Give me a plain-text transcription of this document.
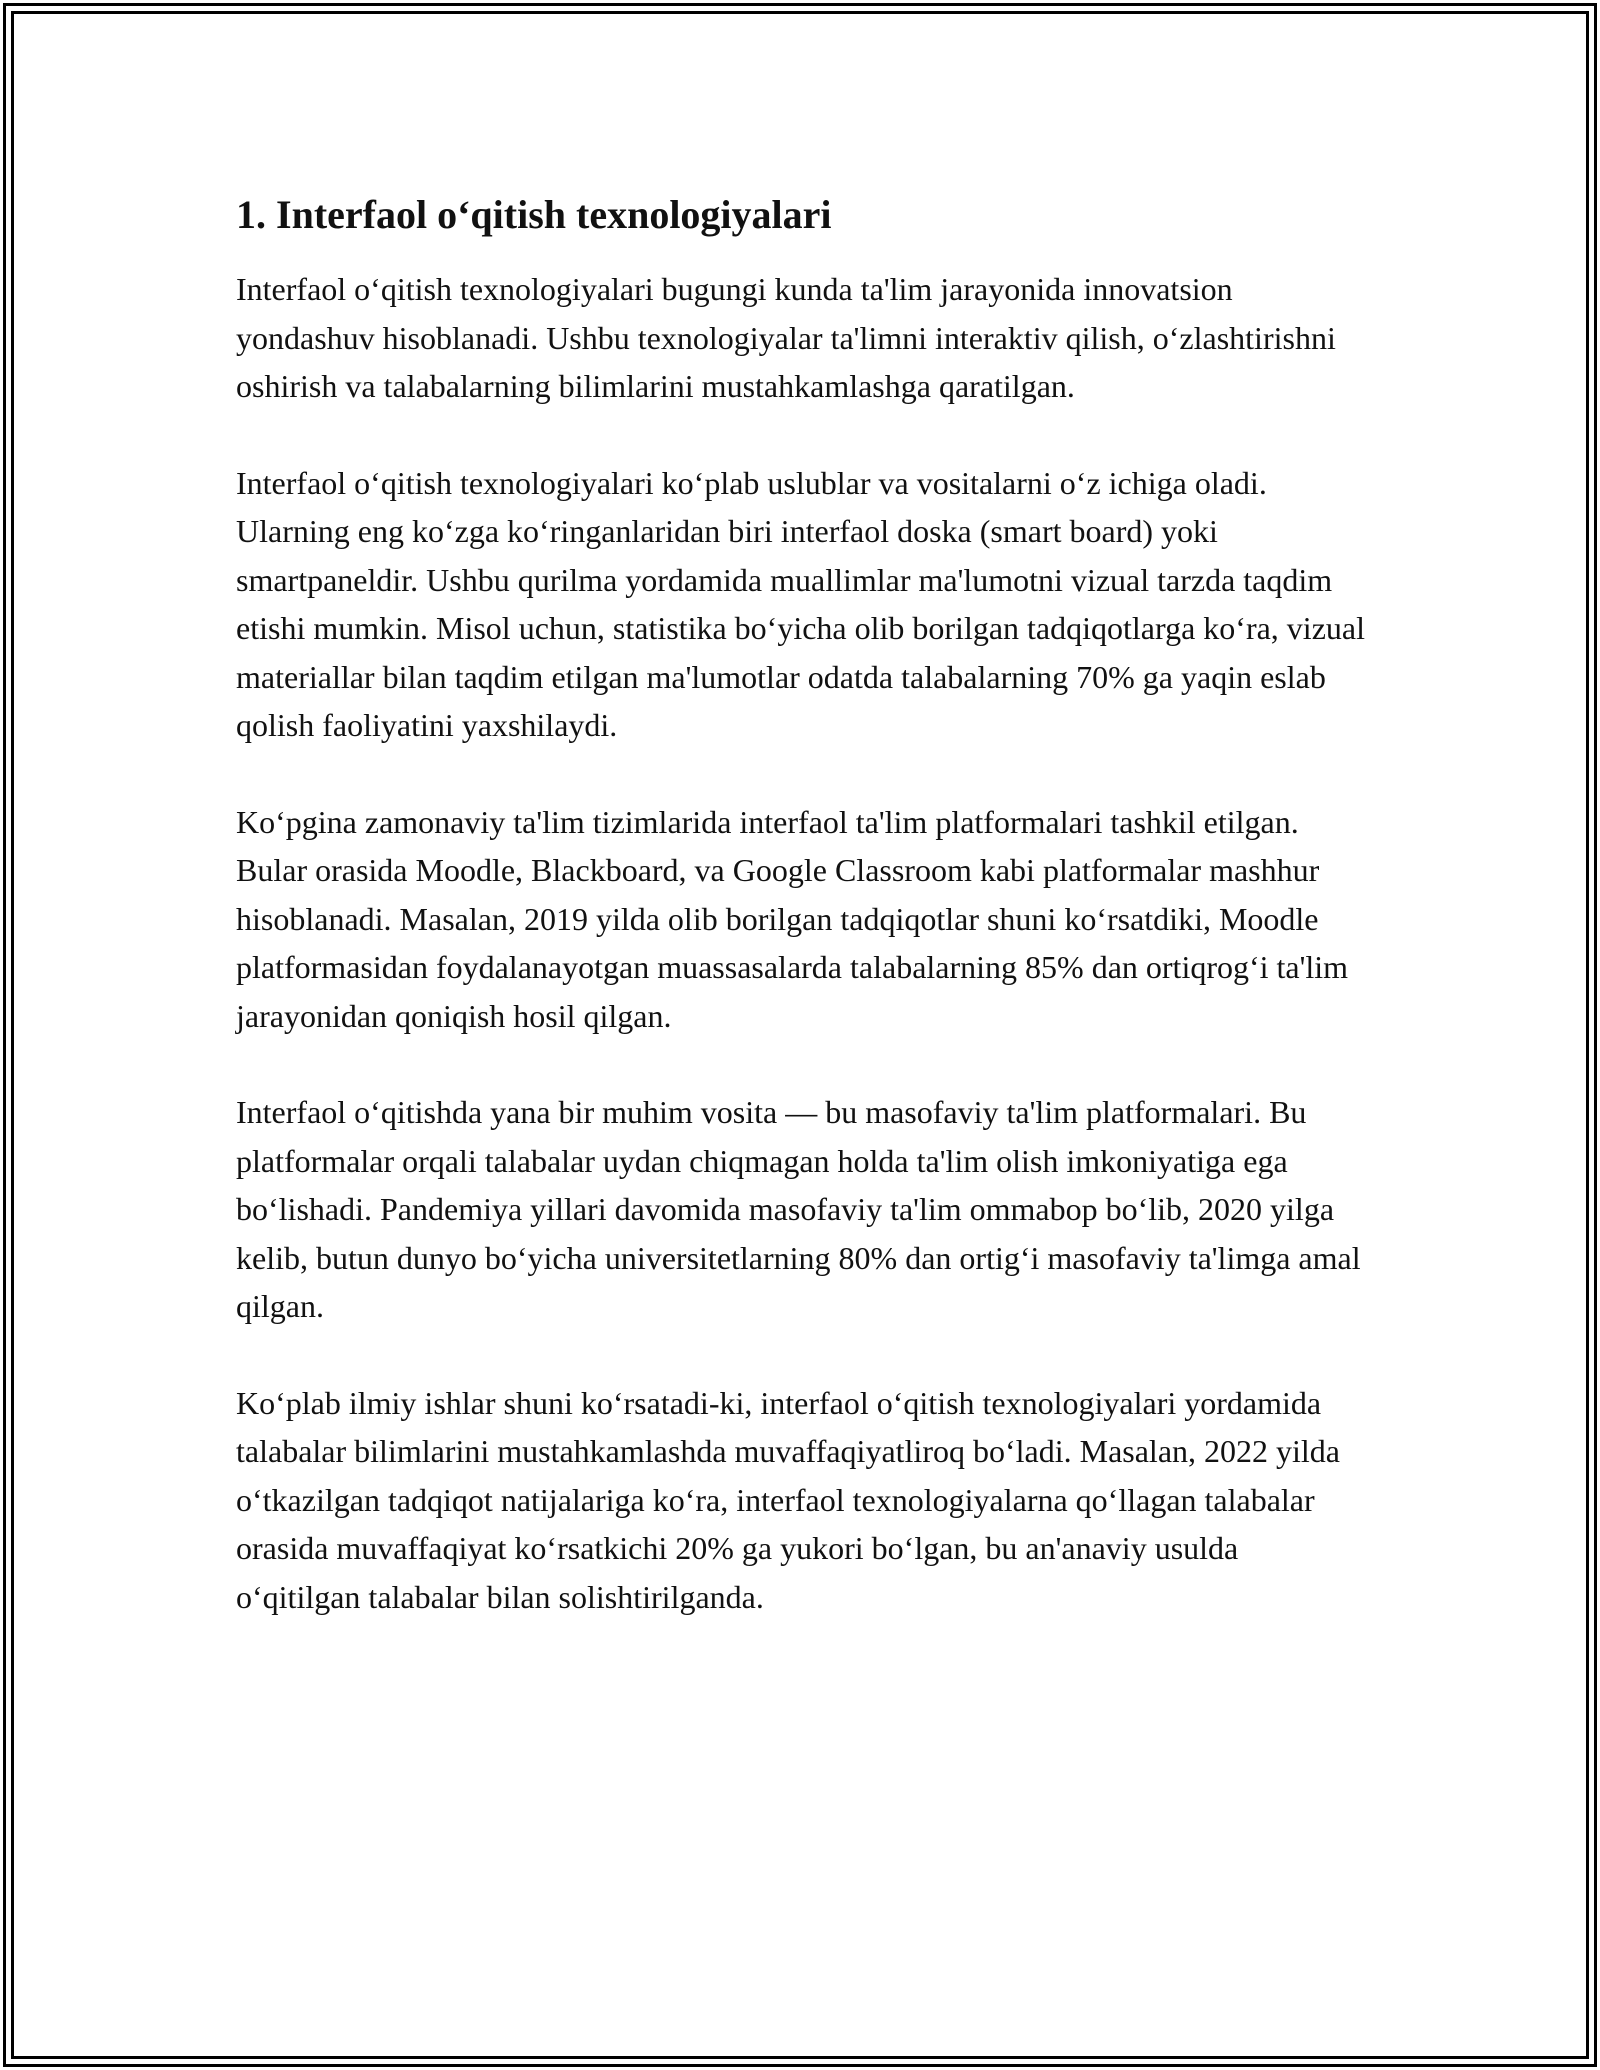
1. Interfaol o‘qitish texnologiyalari

Interfaol o‘qitish texnologiyalari bugungi kunda ta'lim jarayonida innovatsion yondashuv hisoblanadi. Ushbu texnologiyalar ta'limni interaktiv qilish, o‘zlashtirishni oshirish va talabalarning bilimlarini mustahkamlashga qaratilgan.

Interfaol o‘qitish texnologiyalari ko‘plab uslublar va vositalarni o‘z ichiga oladi. Ularning eng ko‘zga ko‘ringanlaridan biri interfaol doska (smart board) yoki smartpaneldir. Ushbu qurilma yordamida muallimlar ma'lumotni vizual tarzda taqdim etishi mumkin. Misol uchun, statistika bo‘yicha olib borilgan tadqiqotlarga ko‘ra, vizual materiallar bilan taqdim etilgan ma'lumotlar odatda talabalarning 70% ga yaqin eslab qolish faoliyatini yaxshilaydi.

Ko‘pgina zamonaviy ta'lim tizimlarida interfaol ta'lim platformalari tashkil etilgan. Bular orasida Moodle, Blackboard, va Google Classroom kabi platformalar mashhur hisoblanadi. Masalan, 2019 yilda olib borilgan tadqiqotlar shuni ko‘rsatdiki, Moodle platformasidan foydalanayotgan muassasalarda talabalarning 85% dan ortiqrog‘i ta'lim jarayonidan qoniqish hosil qilgan.

Interfaol o‘qitishda yana bir muhim vosita — bu masofaviy ta'lim platformalari. Bu platformalar orqali talabalar uydan chiqmagan holda ta'lim olish imkoniyatiga ega bo‘lishadi. Pandemiya yillari davomida masofaviy ta'lim ommabop bo‘lib, 2020 yilga kelib, butun dunyo bo‘yicha universitetlarning 80% dan ortig‘i masofaviy ta'limga amal qilgan.

Ko‘plab ilmiy ishlar shuni ko‘rsatadi-ki, interfaol o‘qitish texnologiyalari yordamida talabalar bilimlarini mustahkamlashda muvaffaqiyatliroq bo‘ladi. Masalan, 2022 yilda o‘tkazilgan tadqiqot natijalariga ko‘ra, interfaol texnologiyalarna qo‘llagan talabalar orasida muvaffaqiyat ko‘rsatkichi 20% ga yukori bo‘lgan, bu an'anaviy usulda o‘qitilgan talabalar bilan solishtirilganda.
